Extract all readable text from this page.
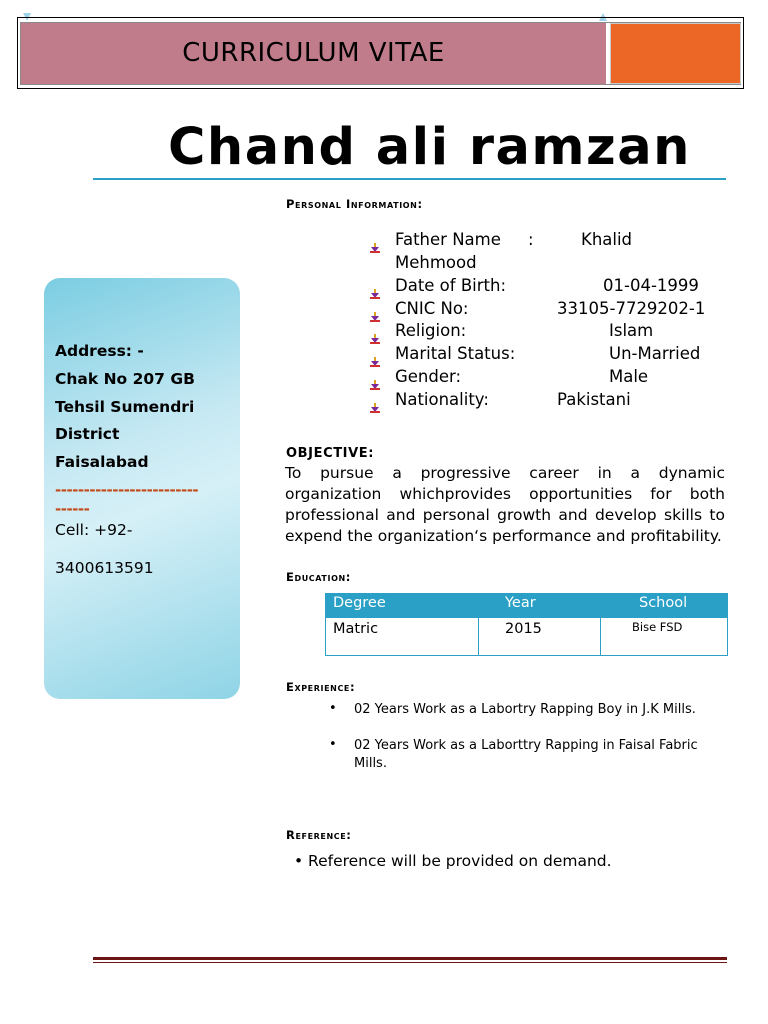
CURRICULUM VITAE
Chand ali ramzan
Address: -
Chak No 207 GB
Tehsil Sumendri
District
Faisalabad
-------------------------
------
Cell: +92-
3400613591
Personal Information:
Father Name :	Khalid
Mehmood
Date of Birth:	01-04-1999
CNIC No:	33105-7729202-1
Religion:	Islam
Marital Status:	Un-Married
Gender:	Male
Nationality:	Pakistani
OBJECTIVE:
To pursue a progressive career in a dynamic organization whichprovides opportunities for both professional and personal growth and develop skills to expend the organization‘s performance and profitability.
Education:
Degree	Year	School
Matric	2015	Bise FSD
Experience:
• 02 Years Work as a Labortry Rapping Boy in J.K Mills.
• 02 Years Work as a Laborttry Rapping in Faisal Fabric Mills.
Reference:
• Reference will be provided on demand.
